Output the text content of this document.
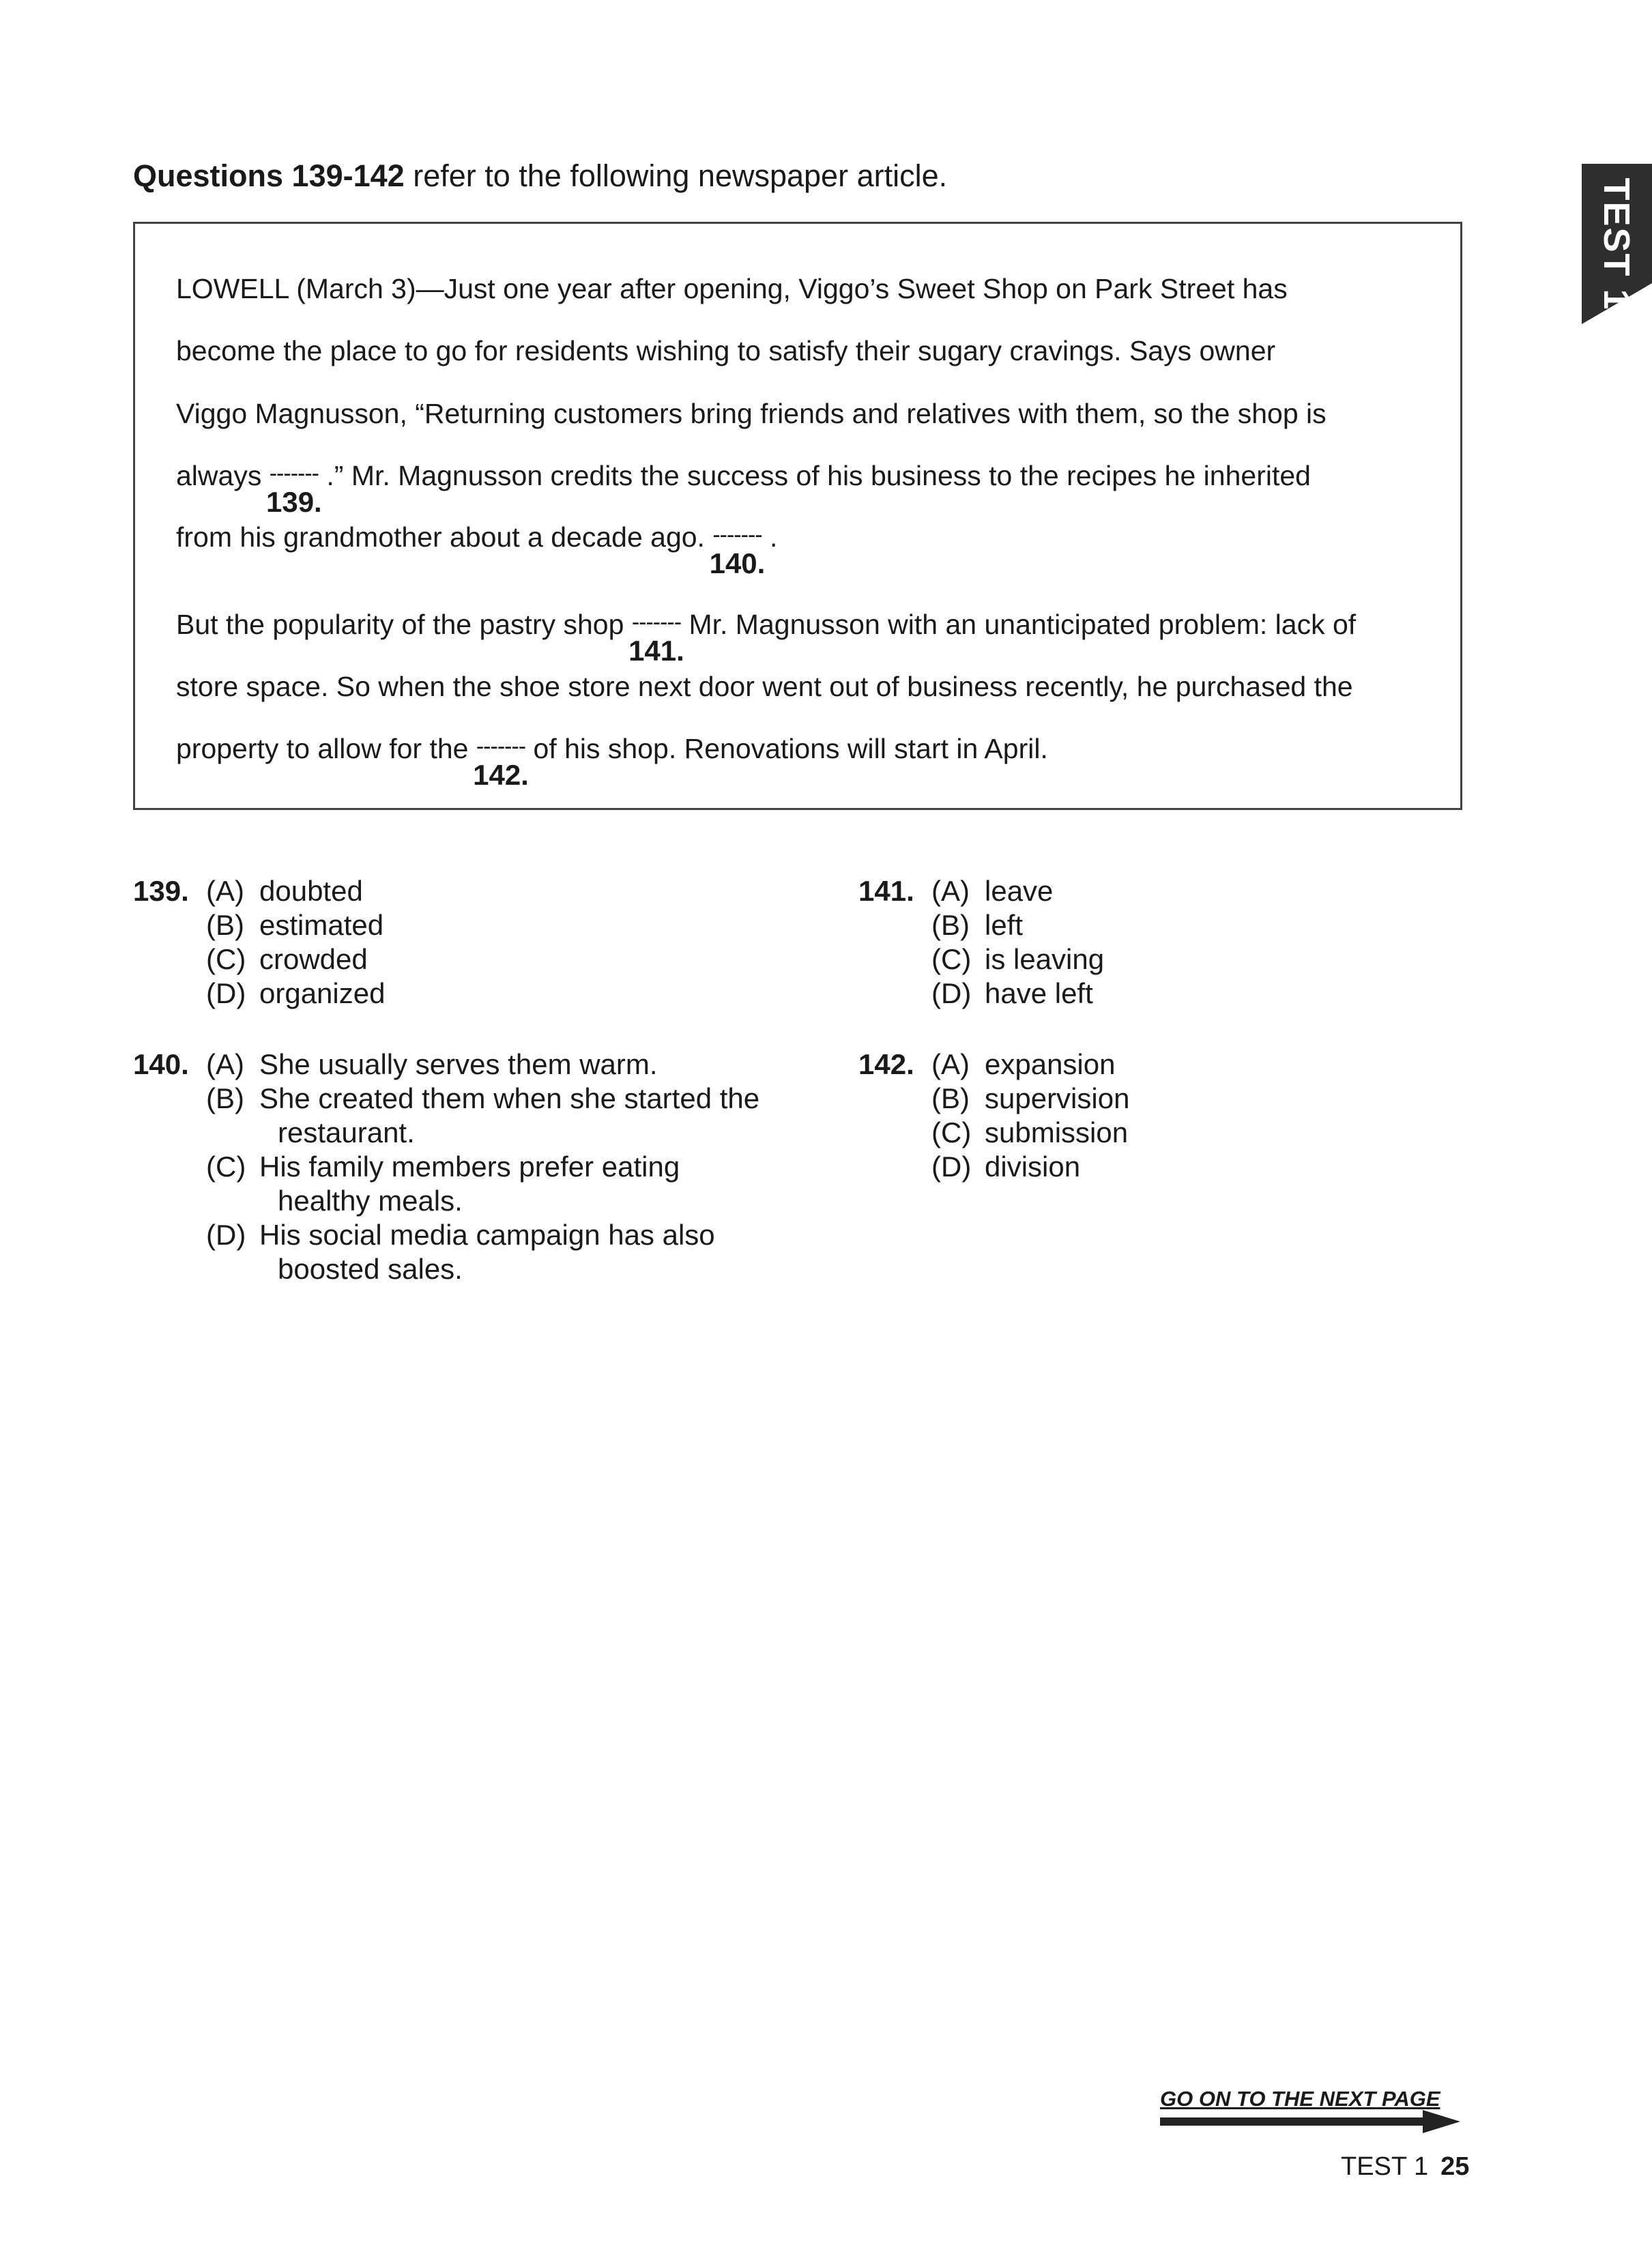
Questions 139-142 refer to the following newspaper article.
TEST 1
LOWELL (March 3)—Just one year after opening, Viggo’s Sweet Shop on Park Street has
become the place to go for residents wishing to satisfy their sugary cravings. Says owner
Viggo Magnusson, “Returning customers bring friends and relatives with them, so the shop is
always -------
139.
.” Mr. Magnusson credits the success of his business to the recipes he inherited
from his grandmother about a decade ago. -------
140.
.
But the popularity of the pastry shop -------
141.
Mr. Magnusson with an unanticipated problem: lack of
store space. So when the shoe store next door went out of business recently, he purchased the
property to allow for the -------
142.
of his shop. Renovations will start in April.
139. (A) doubted
(B) estimated
(C) crowded
(D) organized
140. (A) She usually serves them warm.
(B) She created them when she started the
restaurant.
(C) His family members prefer eating
healthy meals.
(D) His social media campaign has also
boosted sales.
141. (A) leave
(B) left
(C) is leaving
(D) have left
142. (A) expansion
(B) supervision
(C) submission
(D) division
GO ON TO THE NEXT PAGE
TEST 1 25
